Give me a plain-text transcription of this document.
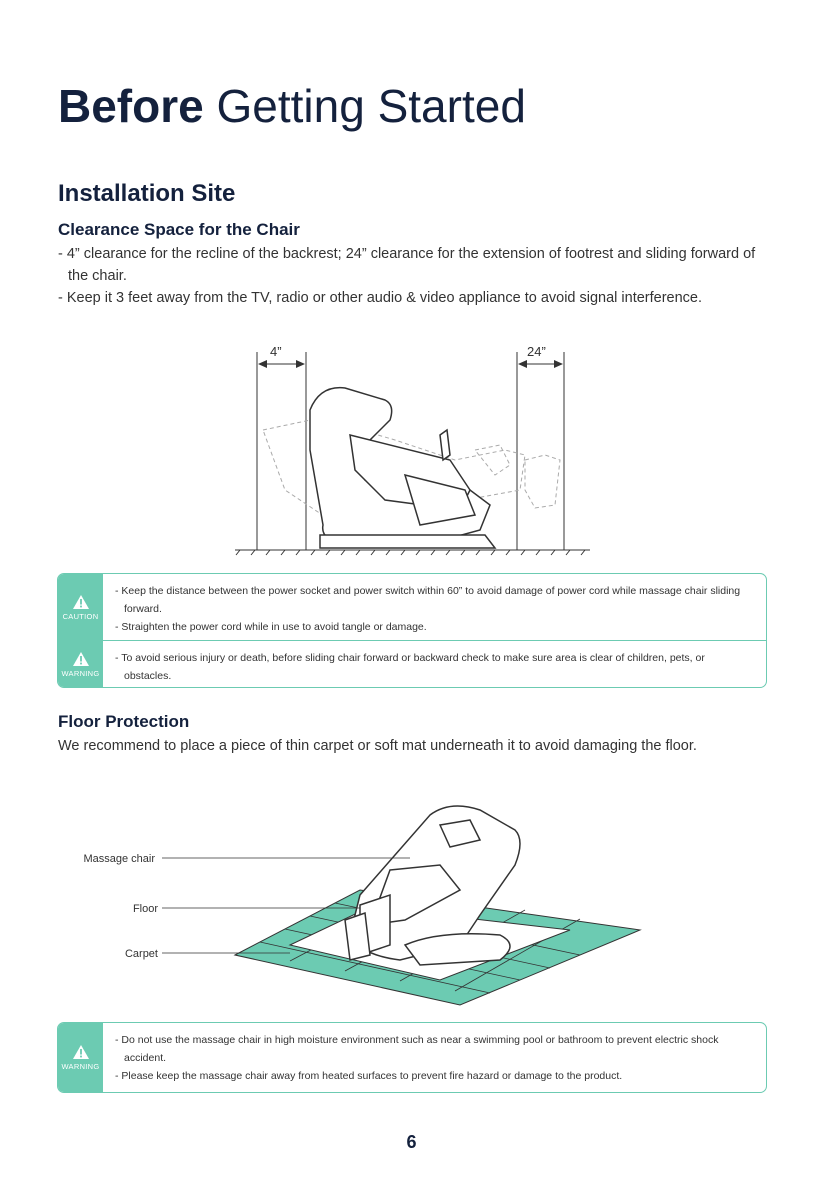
Before Getting Started
Installation Site
Clearance Space for the Chair
- 4” clearance for the recline of the backrest; 24” clearance for the extension of footrest and sliding forward of the chair.
- Keep it 3 feet away from the TV, radio or other audio & video appliance to avoid signal interference.
4”	24”
CAUTION
- Keep the distance between the power socket and power switch within 60” to avoid damage of power cord while massage chair sliding forward.
- Straighten the power cord while in use to avoid tangle or damage.
WARNING
- To avoid serious injury or death, before sliding chair forward or backward check to make sure area is clear of children, pets, or obstacles.
Floor Protection
We recommend to place a piece of thin carpet or soft mat underneath it to avoid damaging the floor.
Massage chair
Floor
Carpet
WARNING
- Do not use the massage chair in high moisture environment such as near a swimming pool or bathroom to prevent electric shock accident.
- Please keep the massage chair away from heated surfaces to prevent fire hazard or damage to the product.
6
